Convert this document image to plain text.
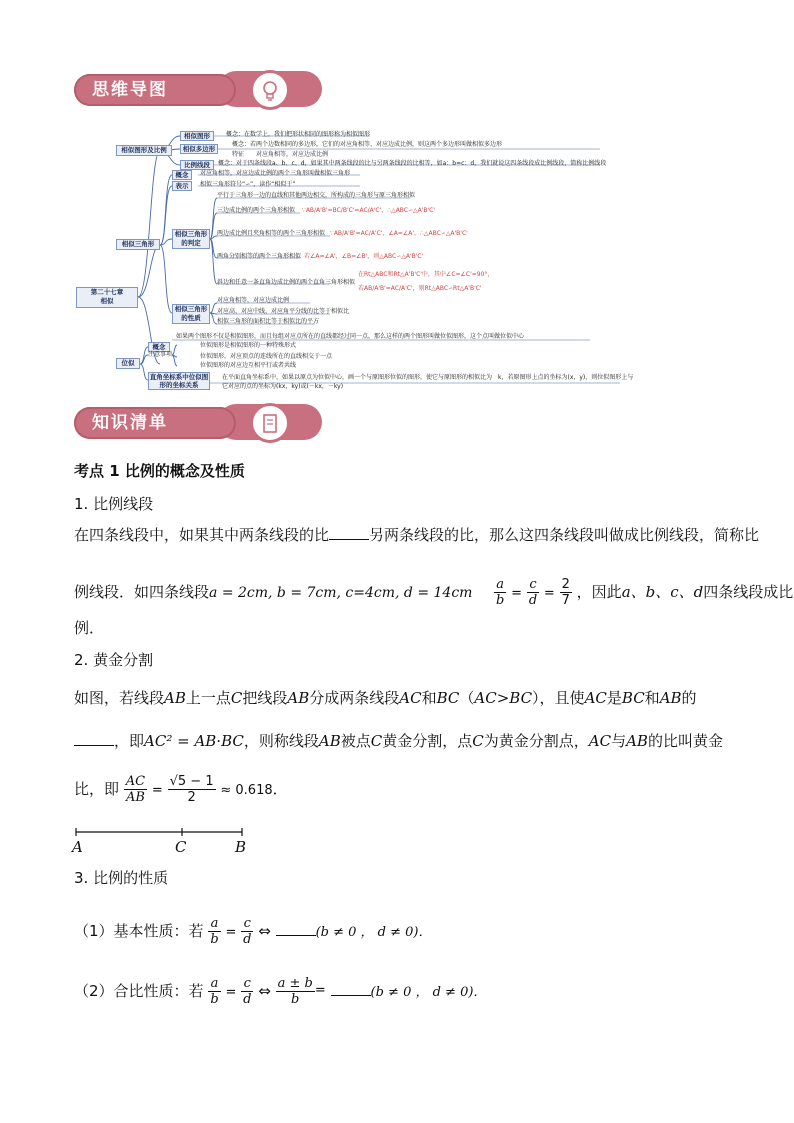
思维导图
第二十七章
相似
相似图形及比例
相似三角形
位似
相似图形
相似多边形
比例线段
概念
表示
相似三角形的判定
相似三角形的性质
概念
注意事项
直角坐标系中位似图形的坐标关系
概念：在数学上，我们把形状相同的图形称为相似图形
概念：若两个边数相同的多边形，它们的对应角相等、对应边成比例，则这两个多边形叫做相似多边形
特征　　对应角相等，对应边成比例
概念：对于四条线段a、b、c、d，如果其中两条线段的比与另两条线段的比相等，如a：b=c：d，我们就说这四条线段成比例线段，简称比例线段
对应角相等，对应边成比例的两个三角形叫做相似三角形
相似三角形符号“∽”，读作“相似于”
平行于三角形一边的直线和其他两边相交，所构成的三角形与原三角形相似
三边成比例的两个三角形相似 ∵AB/A'B'=BC/B'C'=AC/A'C'，∴△ABC∽△A'B'C'
两边成比例且夹角相等的两个三角形相似 ∵AB/A'B'=AC/A'C'，∠A=∠A'，∴△ABC∽△A'B'C'
两角分别相等的两个三角形相似 若∠A=∠A'，∠B=∠B'，则△ABC∽△A'B'C'
斜边和任意一条直角边成比例的两个直角三角形相似
在Rt△ABC和Rt△A'B'C'中，其中∠C=∠C'=90°，
若AB/A'B'=AC/A'C'，则Rt△ABC∽Rt△A'B'C'
对应角相等，对应边成比例
对应高、对应中线、对应角平分线的比等于相似比
相似三角形的面积比等于相似比的平方
如果两个图形不仅是相似图形，而且每组对应点所在的直线都经过同一点，那么这样的两个图形叫做位似图形，这个点叫做位似中心
位似图形是相似图形的一种特殊形式
位似图形，对应顶点的连线所在的直线相交于一点
位似图形的对应边互相平行或者共线
在平面直角坐标系中，如果以原点为位似中心，画一个与原图形位似的图形，使它与原图形的相似比为　k，若原图形上点的坐标为(x，y)，则位似图形上与
它对应的点的坐标为(kx，ky)或(－kx，－ky)
知识清单
考点 1 比例的概念及性质
1. 比例线段
在四条线段中，如果其中两条线段的比	另两条线段的比，那么这四条线段叫做成比例线段，简称比
例线段．如四条线段a = 2cm, b = 7cm, c=4cm, $d = 14cm \frac{a}{b} = \frac{c}{d} = \frac{2}{7}$ ，因此a、b、c、d四条线段成比
例．
2. 黄金分割
如图，若线段AB上一点C把线段AB分成两条线段AC和BC（AC>BC），且使AC是BC和AB的
，即AC² = AB·BC，则称线段AB被点C黄金分割，点C为黄金分割点，AC与AB的比叫黄金
比，即 $\frac{AC}{AB} = \frac{√5 - 1}{2} \approx 0.618$．
A	C	B
3. 比例的性质
（1）基本性质：若 $\frac{a}{b} = \frac{c}{d}$ ⇔	(b ≠ 0 ， d ≠ 0)．
（2）合比性质：若 $\frac{a}{b} = \frac{c}{d}$ ⇔ $\frac{a \pm b}{b}$ =	(b ≠ 0 ， d ≠ 0)．
